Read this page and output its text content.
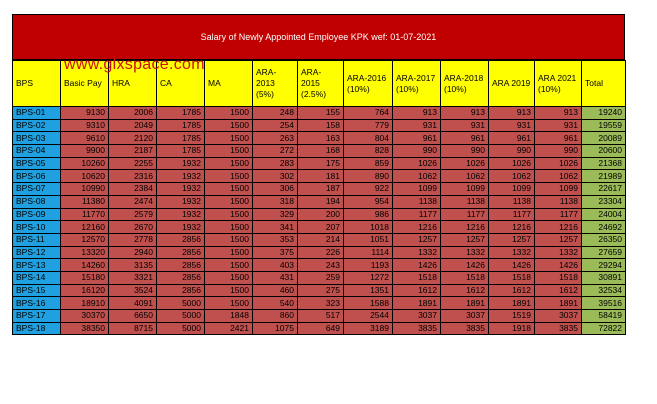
Salary of Newly Appointed Employee KPK wef: 01-07-2021
BPS	Basic Pay	HRA	CA	MA	ARA-2013 (5%)	ARA-2015 (2.5%)	ARA-2016 (10%)	ARA-2017 (10%)	ARA-2018 (10%)	ARA 2019	ARA 2021 (10%)	Total
BPS-01	9130	2006	1785	1500	248	155	764	913	913	913	913	19240
BPS-02	9310	2049	1785	1500	254	158	779	931	931	931	931	19559
BPS-03	9610	2120	1785	1500	263	163	804	961	961	961	961	20089
BPS-04	9900	2187	1785	1500	272	168	828	990	990	990	990	20600
BPS-05	10260	2255	1932	1500	283	175	859	1026	1026	1026	1026	21368
BPS-06	10620	2316	1932	1500	302	181	890	1062	1062	1062	1062	21989
BPS-07	10990	2384	1932	1500	306	187	922	1099	1099	1099	1099	22617
BPS-08	11380	2474	1932	1500	318	194	954	1138	1138	1138	1138	23304
BPS-09	11770	2579	1932	1500	329	200	986	1177	1177	1177	1177	24004
BPS-10	12160	2670	1932	1500	341	207	1018	1216	1216	1216	1216	24692
BPS-11	12570	2778	2856	1500	353	214	1051	1257	1257	1257	1257	26350
BPS-12	13320	2940	2856	1500	375	226	1114	1332	1332	1332	1332	27659
BPS-13	14260	3135	2856	1500	403	243	1193	1426	1426	1426	1426	29294
BPS-14	15180	3321	2856	1500	431	259	1272	1518	1518	1518	1518	30891
BPS-15	16120	3524	2856	1500	460	275	1351	1612	1612	1612	1612	32534
BPS-16	18910	4091	5000	1500	540	323	1588	1891	1891	1891	1891	39516
BPS-17	30370	6650	5000	1848	860	517	2544	3037	3037	1519	3037	58419
BPS-18	38350	8715	5000	2421	1075	649	3189	3835	3835	1918	3835	72822
www.glxspace.com
